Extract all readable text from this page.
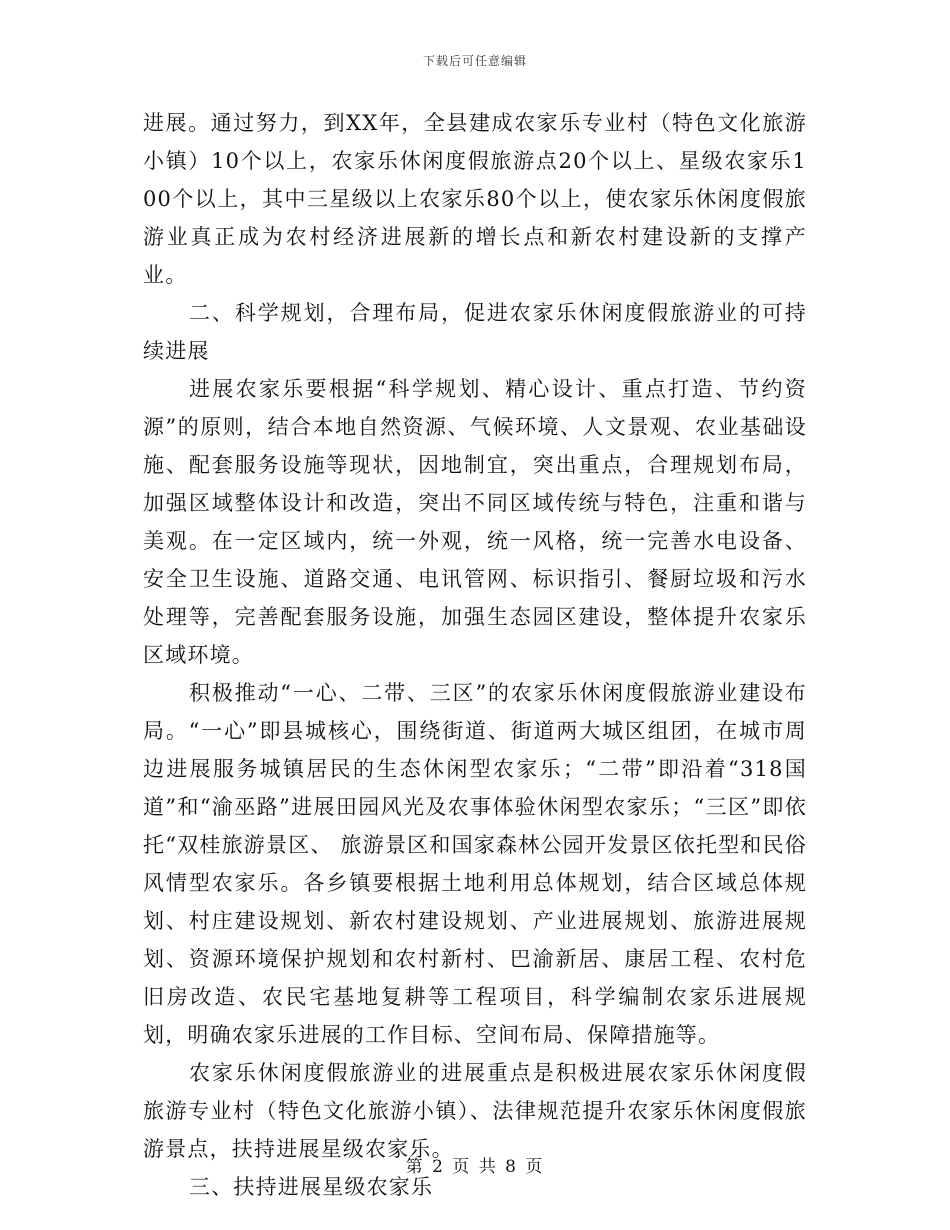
下载后可任意编辑

进展。通过努力，到XX年，全县建成农家乐专业村（特色文化旅游小镇）10个以上，农家乐休闲度假旅游点20个以上、星级农家乐100个以上，其中三星级以上农家乐80个以上，使农家乐休闲度假旅游业真正成为农村经济进展新的增长点和新农村建设新的支撑产业。

二、科学规划，合理布局，促进农家乐休闲度假旅游业的可持续进展

进展农家乐要根据“科学规划、精心设计、重点打造、节约资源”的原则，结合本地自然资源、气候环境、人文景观、农业基础设施、配套服务设施等现状，因地制宜，突出重点，合理规划布局，加强区域整体设计和改造，突出不同区域传统与特色，注重和谐与美观。在一定区域内，统一外观，统一风格，统一完善水电设备、安全卫生设施、道路交通、电讯管网、标识指引、餐厨垃圾和污水处理等，完善配套服务设施，加强生态园区建设，整体提升农家乐区域环境。

积极推动“一心、二带、三区”的农家乐休闲度假旅游业建设布局。“一心”即县城核心，围绕街道、街道两大城区组团，在城市周边进展服务城镇居民的生态休闲型农家乐；“二带”即沿着“318国道”和“渝巫路”进展田园风光及农事体验休闲型农家乐；“三区”即依托“双桂旅游景区、 旅游景区和国家森林公园开发景区依托型和民俗风情型农家乐。各乡镇要根据土地利用总体规划，结合区域总体规划、村庄建设规划、新农村建设规划、产业进展规划、旅游进展规划、资源环境保护规划和农村新村、巴渝新居、康居工程、农村危旧房改造、农民宅基地复耕等工程项目，科学编制农家乐进展规划，明确农家乐进展的工作目标、空间布局、保障措施等。

农家乐休闲度假旅游业的进展重点是积极进展农家乐休闲度假旅游专业村（特色文化旅游小镇）、法律规范提升农家乐休闲度假旅游景点，扶持进展星级农家乐。

三、扶持进展星级农家乐

第 2 页 共 8 页
